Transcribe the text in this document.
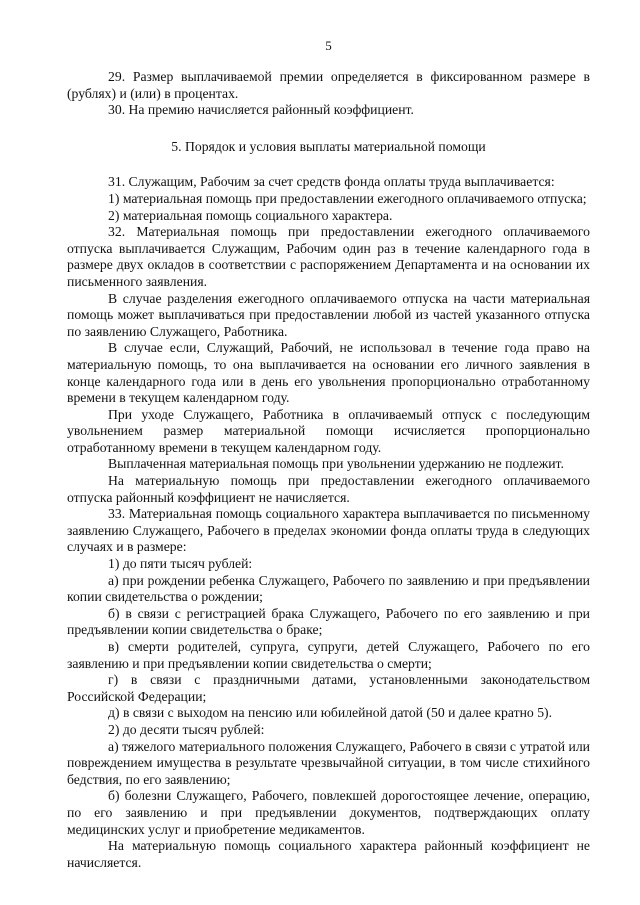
5

29. Размер выплачиваемой премии определяется в фиксированном размере в (рублях) и (или) в процентах.

30. На премию начисляется районный коэффициент.

5. Порядок и условия выплаты материальной помощи

31. Служащим, Рабочим за счет средств фонда оплаты труда выплачивается:

1) материальная помощь при предоставлении ежегодного оплачиваемого отпуска;

2) материальная помощь социального характера.

32. Материальная помощь при предоставлении ежегодного оплачиваемого отпуска выплачивается Служащим, Рабочим один раз в течение календарного года в размере двух окладов в соответствии с распоряжением Департамента и на основании их письменного заявления.

В случае разделения ежегодного оплачиваемого отпуска на части материальная помощь может выплачиваться при предоставлении любой из частей указанного отпуска по заявлению Служащего, Работника.

В случае если, Служащий, Рабочий, не использовал в течение года право на материальную помощь, то она выплачивается на основании его личного заявления в конце календарного года или в день его увольнения пропорционально отработанному времени в текущем календарном году.

При уходе Служащего, Работника в оплачиваемый отпуск с последующим увольнением размер материальной помощи исчисляется пропорционально отработанному времени в текущем календарном году.

Выплаченная материальная помощь при увольнении удержанию не подлежит.

На материальную помощь при предоставлении ежегодного оплачиваемого отпуска районный коэффициент не начисляется.

33. Материальная помощь социального характера выплачивается по письменному заявлению Служащего, Рабочего в пределах экономии фонда оплаты труда в следующих случаях и в размере:

1) до пяти тысяч рублей:

а) при рождении ребенка Служащего, Рабочего по заявлению и при предъявлении копии свидетельства о рождении;

б) в связи с регистрацией брака Служащего, Рабочего по его заявлению и при предъявлении копии свидетельства о браке;

в) смерти родителей, супруга, супруги, детей Служащего, Рабочего по его заявлению и при предъявлении копии свидетельства о смерти;

г) в связи с праздничными датами, установленными законодательством Российской Федерации;

д) в связи с выходом на пенсию или юбилейной датой (50 и далее кратно 5).

2) до десяти тысяч рублей:

а) тяжелого материального положения Служащего, Рабочего в связи с утратой или повреждением имущества в результате чрезвычайной ситуации, в том числе стихийного бедствия, по его заявлению;

б) болезни Служащего, Рабочего, повлекшей дорогостоящее лечение, операцию, по его заявлению и при предъявлении документов, подтверждающих оплату медицинских услуг и приобретение медикаментов.

На материальную помощь социального характера районный коэффициент не начисляется.
